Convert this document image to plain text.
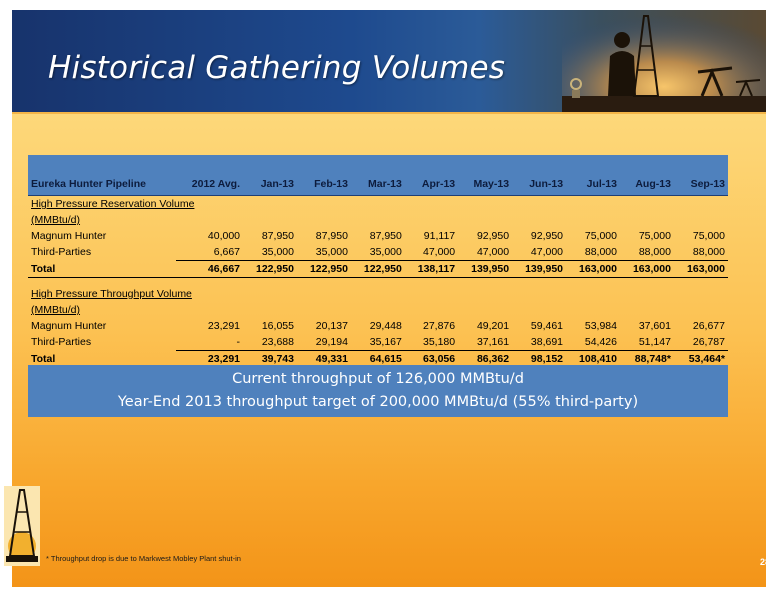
Historical Gathering Volumes

Eureka Hunter Pipeline	2012 Avg.	Jan-13	Feb-13	Mar-13	Apr-13	May-13	Jun-13	Jul-13	Aug-13	Sep-13
High Pressure Reservation Volume										
(MMBtu/d)										
Magnum Hunter	40,000	87,950	87,950	87,950	91,117	92,950	92,950	75,000	75,000	75,000
Third-Parties	6,667	35,000	35,000	35,000	47,000	47,000	47,000	88,000	88,000	88,000
Total	46,667	122,950	122,950	122,950	138,117	139,950	139,950	163,000	163,000	163,000

High Pressure Throughput Volume										
(MMBtu/d)										
Magnum Hunter	23,291	16,055	20,137	29,448	27,876	49,201	59,461	53,984	37,601	26,677
Third-Parties	-	23,688	29,194	35,167	35,180	37,161	38,691	54,426	51,147	26,787
Total	23,291	39,743	49,331	64,615	63,056	86,362	98,152	108,410	88,748*	53,464*
Current throughput of 126,000 MMBtu/d
Year-End 2013 throughput target of 200,000 MMBtu/d (55% third-party)
* Throughput drop is due to Markwest Mobley Plant shut-in	28
